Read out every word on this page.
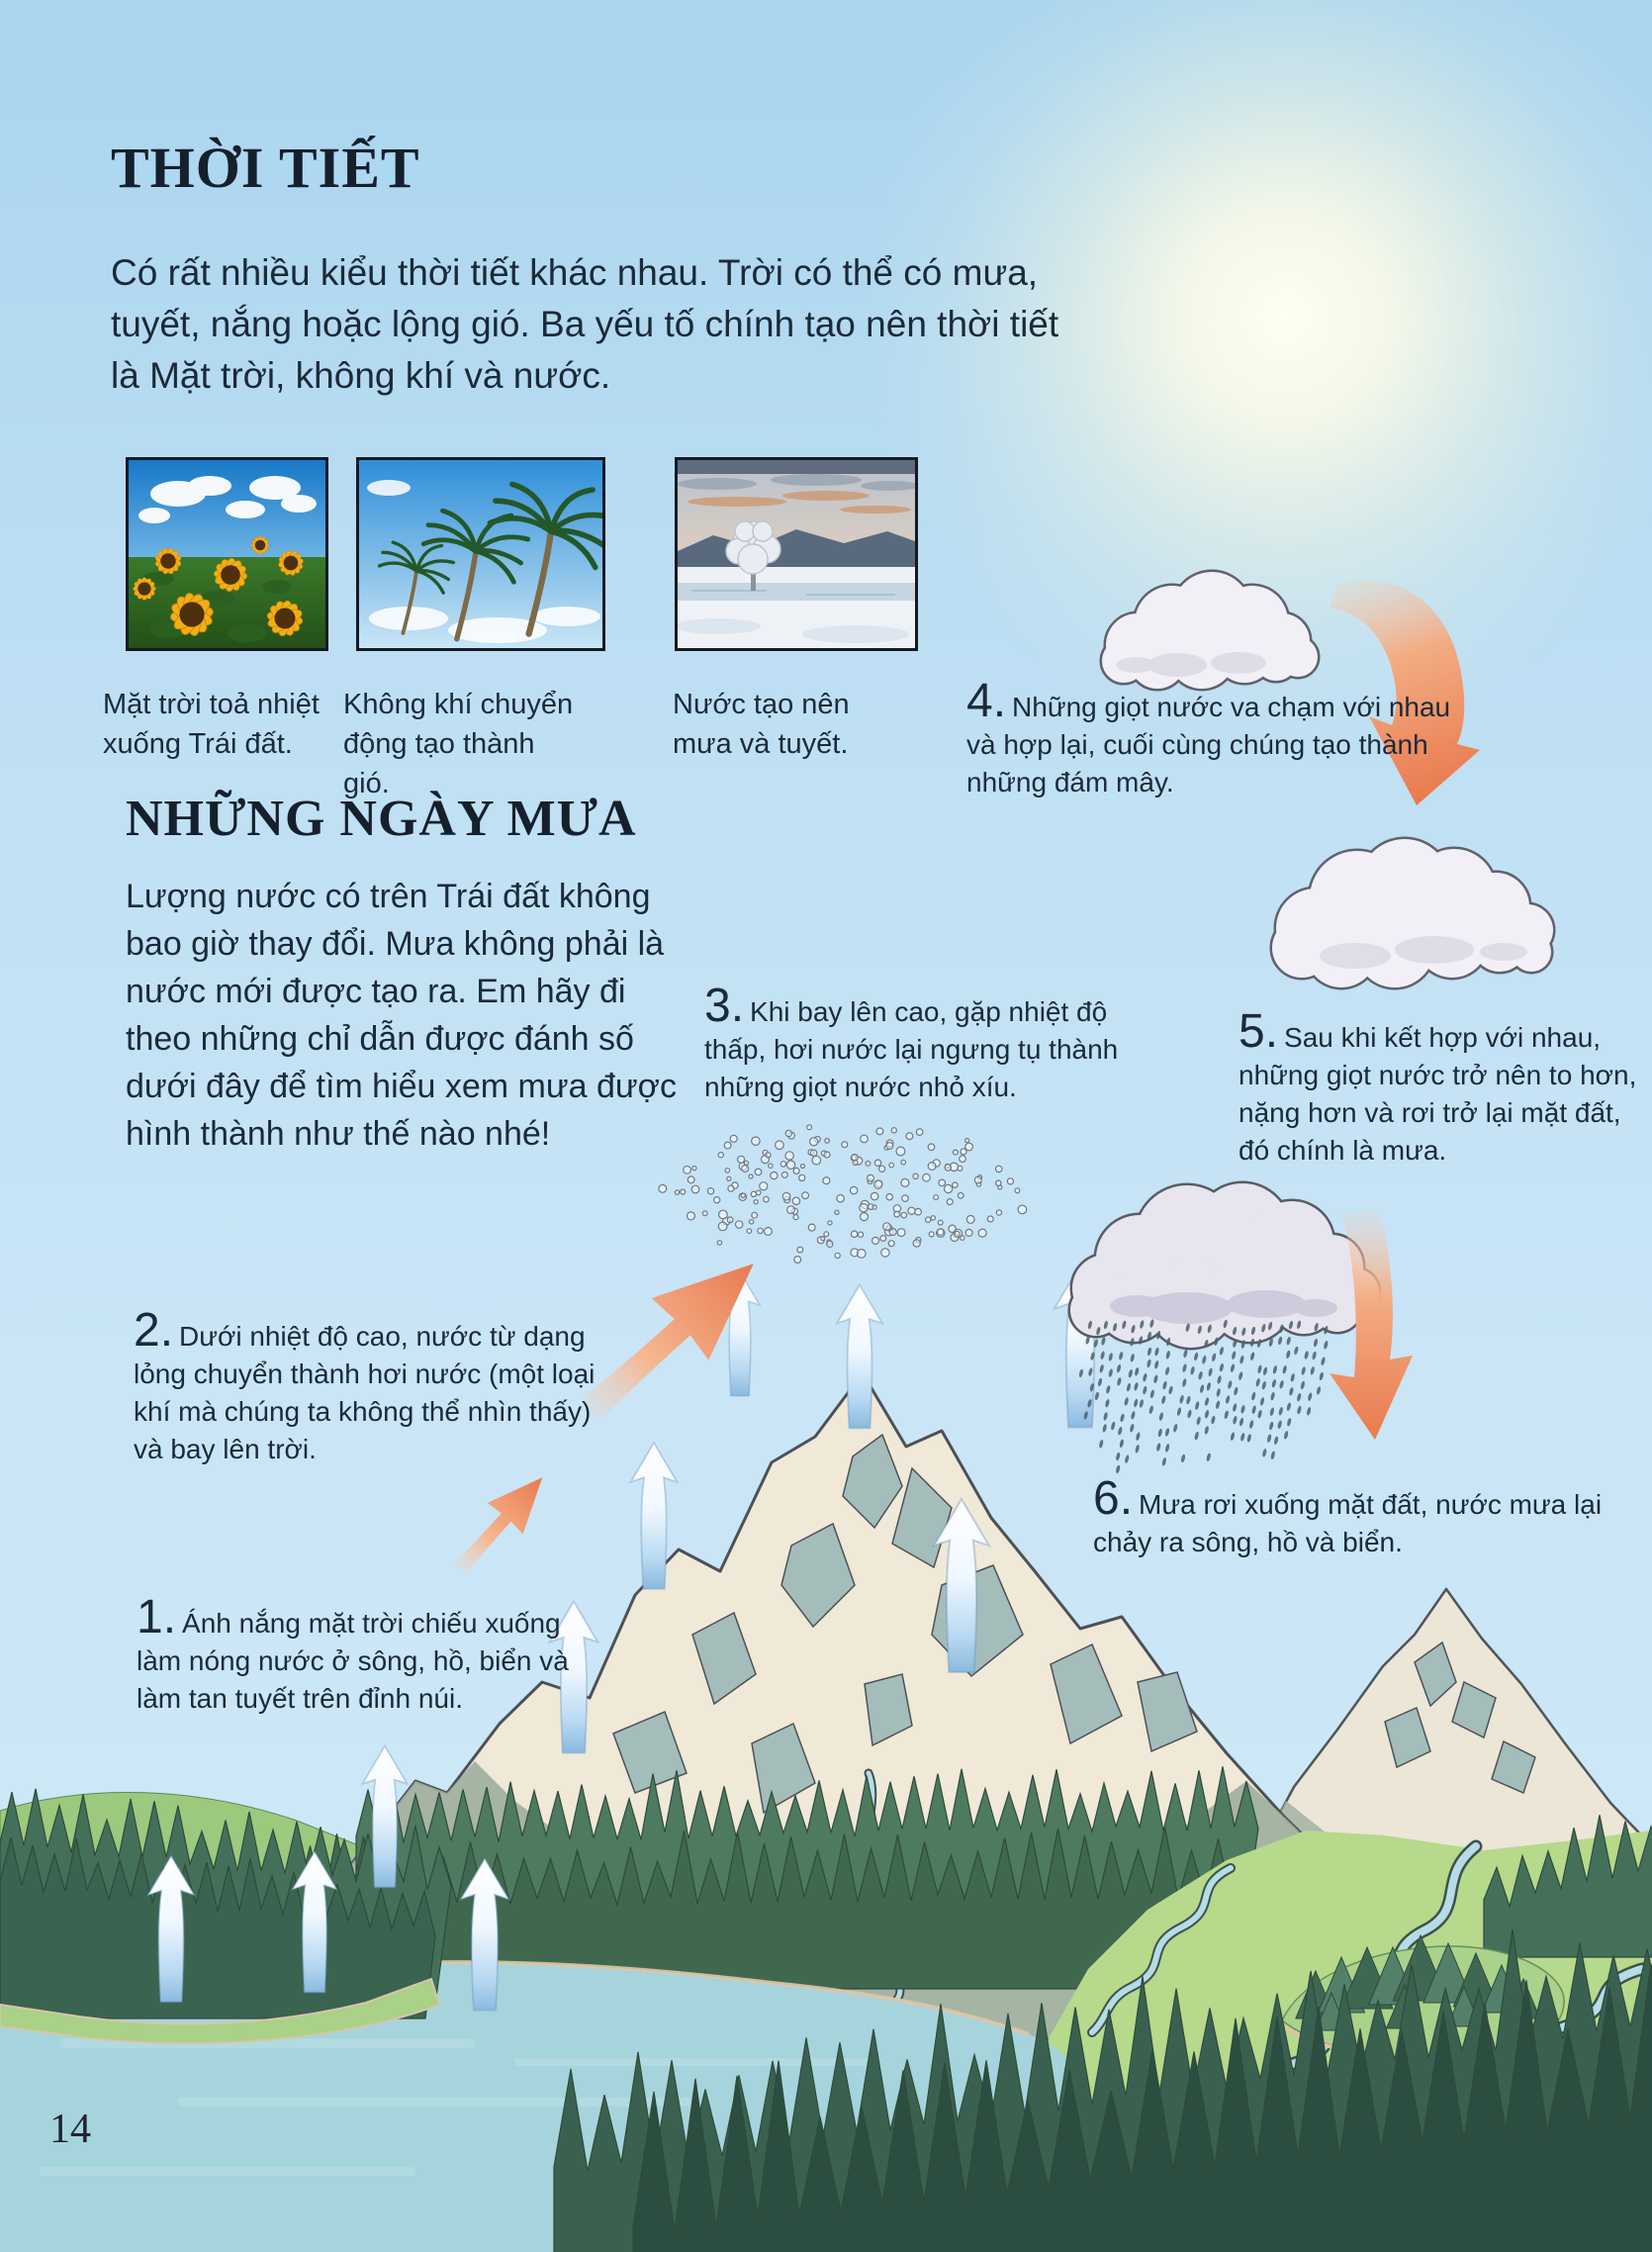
THỜI TIẾT
Có rất nhiều kiểu thời tiết khác nhau. Trời có thể có mưa, tuyết, nắng hoặc lộng gió. Ba yếu tố chính tạo nên thời tiết là Mặt trời, không khí và nước.
Mặt trời toả nhiệt xuống Trái đất.
Không khí chuyển động tạo thành gió.
Nước tạo nên mưa và tuyết.
NHỮNG NGÀY MƯA
Lượng nước có trên Trái đất không bao giờ thay đổi. Mưa không phải là nước mới được tạo ra. Em hãy đi theo những chỉ dẫn được đánh số dưới đây để tìm hiểu xem mưa được hình thành như thế nào nhé!
1. Ánh nắng mặt trời chiếu xuống làm nóng nước ở sông, hồ, biển và làm tan tuyết trên đỉnh núi.
2. Dưới nhiệt độ cao, nước từ dạng lỏng chuyển thành hơi nước (một loại khí mà chúng ta không thể nhìn thấy) và bay lên trời.
3. Khi bay lên cao, gặp nhiệt độ thấp, hơi nước lại ngưng tụ thành những giọt nước nhỏ xíu.
4. Những giọt nước va chạm với nhau và hợp lại, cuối cùng chúng tạo thành những đám mây.
5. Sau khi kết hợp với nhau, những giọt nước trở nên to hơn, nặng hơn và rơi trở lại mặt đất, đó chính là mưa.
6. Mưa rơi xuống mặt đất, nước mưa lại chảy ra sông, hồ và biển.
14
